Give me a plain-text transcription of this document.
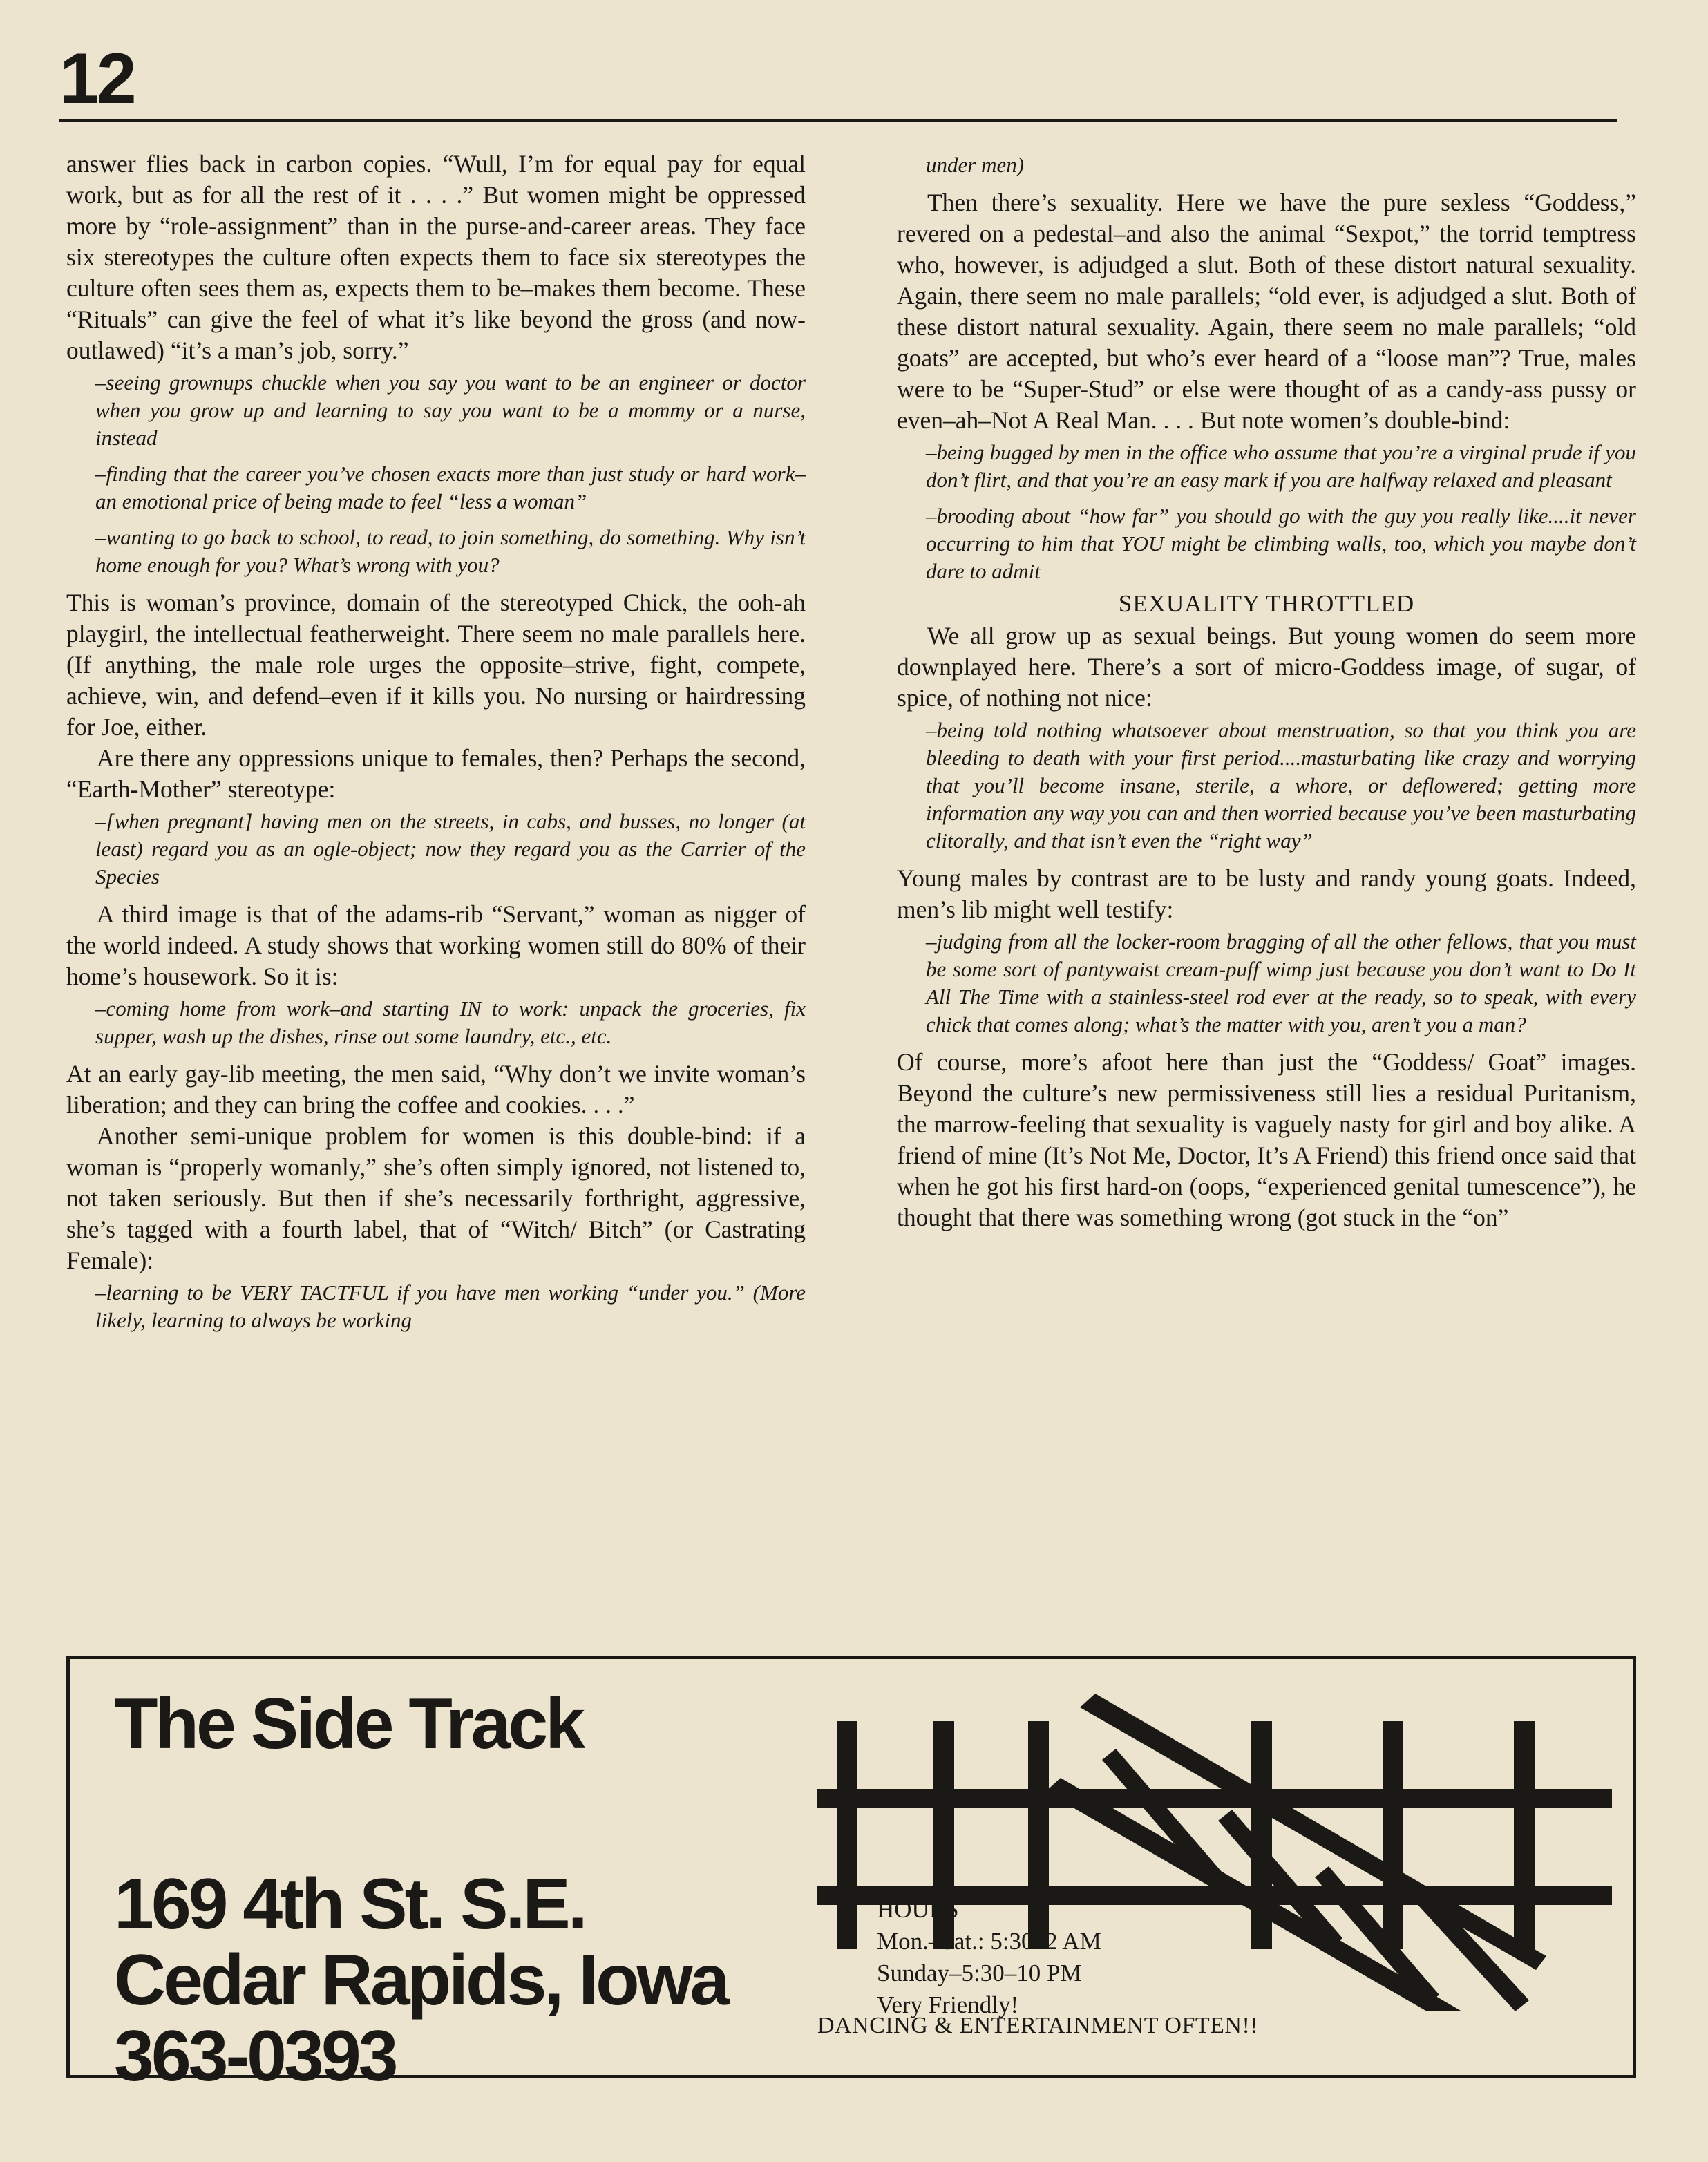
12

answer flies back in carbon copies. “Wull, I’m for equal pay for equal work, but as for all the rest of it . . . .” But women might be oppressed more by “role-assignment” than in the purse-and-career areas. They face six stereotypes the culture often expects them to face six stereotypes the culture often sees them as, expects them to be–makes them become. These “Rituals” can give the feel of what it’s like beyond the gross (and now-outlawed) “it’s a man’s job, sorry.”

–seeing grownups chuckle when you say you want to be an engineer or doctor when you grow up and learning to say you want to be a mommy or a nurse, instead

–finding that the career you’ve chosen exacts more than just study or hard work–an emotional price of being made to feel “less a woman”

–wanting to go back to school, to read, to join something, do something. Why isn’t home enough for you? What’s wrong with you?

This is woman’s province, domain of the stereotyped Chick, the ooh-ah playgirl, the intellectual featherweight. There seem no male parallels here. (If anything, the male role urges the opposite–strive, fight, compete, achieve, win, and defend–even if it kills you. No nursing or hairdressing for Joe, either.

Are there any oppressions unique to females, then? Perhaps the second, “Earth-Mother” stereotype:

–[when pregnant] having men on the streets, in cabs, and busses, no longer (at least) regard you as an ogle-object; now they regard you as the Carrier of the Species

A third image is that of the adams-rib “Servant,” woman as nigger of the world indeed. A study shows that working women still do 80% of their home’s housework. So it is:

–coming home from work–and starting IN to work: unpack the groceries, fix supper, wash up the dishes, rinse out some laundry, etc., etc.

At an early gay-lib meeting, the men said, “Why don’t we invite woman’s liberation; and they can bring the coffee and cookies. . . .”

Another semi-unique problem for women is this double-bind: if a woman is “properly womanly,” she’s often simply ignored, not listened to, not taken seriously. But then if she’s necessarily forthright, aggressive, she’s tagged with a fourth label, that of “Witch/ Bitch” (or Castrating Female):

–learning to be VERY TACTFUL if you have men working “under you.” (More likely, learning to always be working

under men)

Then there’s sexuality. Here we have the pure sexless “Goddess,” revered on a pedestal–and also the animal “Sexpot,” the torrid temptress who, however, is adjudged a slut. Both of these distort natural sexuality. Again, there seem no male parallels; “old ever, is adjudged a slut. Both of these distort natural sexuality. Again, there seem no male parallels; “old goats” are accepted, but who’s ever heard of a “loose man”? True, males were to be “Super-Stud” or else were thought of as a candy-ass pussy or even–ah–Not A Real Man. . . . But note women’s double-bind:

–being bugged by men in the office who assume that you’re a virginal prude if you don’t flirt, and that you’re an easy mark if you are halfway relaxed and pleasant

–brooding about “how far” you should go with the guy you really like....it never occurring to him that YOU might be climbing walls, too, which you maybe don’t dare to admit

SEXUALITY THROTTLED

We all grow up as sexual beings. But young women do seem more downplayed here. There’s a sort of micro-Goddess image, of sugar, of spice, of nothing not nice:

–being told nothing whatsoever about menstruation, so that you think you are bleeding to death with your first period....masturbating like crazy and worrying that you’ll become insane, sterile, a whore, or deflowered; getting more information any way you can and then worried because you’ve been masturbating clitorally, and that isn’t even the “right way”

Young males by contrast are to be lusty and randy young goats. Indeed, men’s lib might well testify:

–judging from all the locker-room bragging of all the other fellows, that you must be some sort of pantywaist cream-puff wimp just because you don’t want to Do It All The Time with a stainless-steel rod ever at the ready, so to speak, with every chick that comes along; what’s the matter with you, aren’t you a man?

Of course, more’s afoot here than just the “Goddess/ Goat” images. Beyond the culture’s new permissiveness still lies a residual Puritanism, the marrow-feeling that sexuality is vaguely nasty for girl and boy alike. A friend of mine (It’s Not Me, Doctor, It’s A Friend) this friend once said that when he got his first hard-on (oops, “experienced genital tumescence”), he thought that there was something wrong (got stuck in the “on”

The Side Track
169 4th St. S.E.
Cedar Rapids, Iowa
363-0393
HOURS
Mon.–Sat.: 5:30–2 AM
Sunday–5:30–10 PM
Very Friendly!
DANCING & ENTERTAINMENT OFTEN!!
